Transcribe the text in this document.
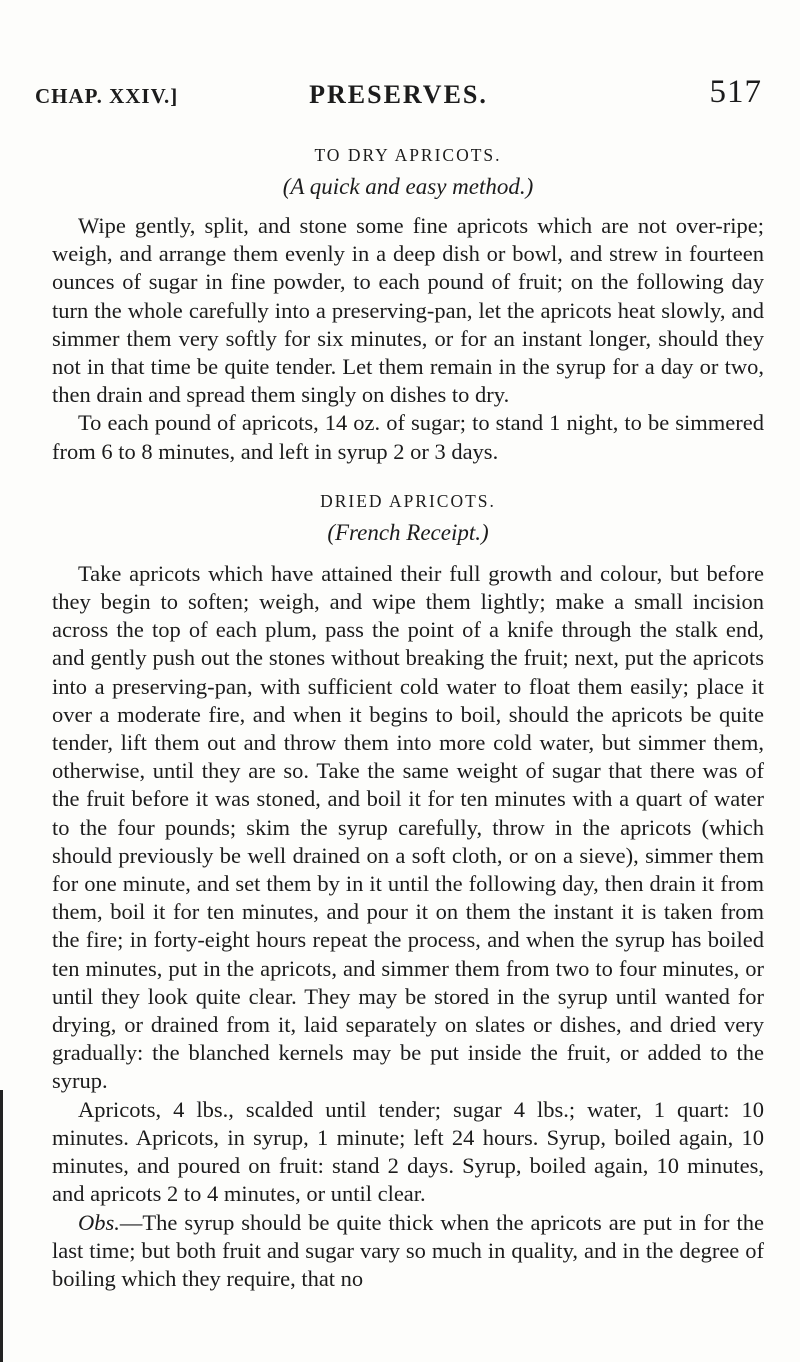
CHAP. XXIV.]	PRESERVES.	517

TO DRY APRICOTS.

(A quick and easy method.)

Wipe gently, split, and stone some fine apricots which are not over-ripe; weigh, and arrange them evenly in a deep dish or bowl, and strew in fourteen ounces of sugar in fine powder, to each pound of fruit; on the following day turn the whole carefully into a preserving-pan, let the apricots heat slowly, and simmer them very softly for six minutes, or for an instant longer, should they not in that time be quite tender. Let them remain in the syrup for a day or two, then drain and spread them singly on dishes to dry.

To each pound of apricots, 14 oz. of sugar; to stand 1 night, to be simmered from 6 to 8 minutes, and left in syrup 2 or 3 days.

DRIED APRICOTS.

(French Receipt.)

Take apricots which have attained their full growth and colour, but before they begin to soften; weigh, and wipe them lightly; make a small incision across the top of each plum, pass the point of a knife through the stalk end, and gently push out the stones without breaking the fruit; next, put the apricots into a preserving-pan, with sufficient cold water to float them easily; place it over a moderate fire, and when it begins to boil, should the apricots be quite tender, lift them out and throw them into more cold water, but simmer them, otherwise, until they are so. Take the same weight of sugar that there was of the fruit before it was stoned, and boil it for ten minutes with a quart of water to the four pounds; skim the syrup carefully, throw in the apricots (which should previously be well drained on a soft cloth, or on a sieve), simmer them for one minute, and set them by in it until the following day, then drain it from them, boil it for ten minutes, and pour it on them the instant it is taken from the fire; in forty-eight hours repeat the process, and when the syrup has boiled ten minutes, put in the apricots, and simmer them from two to four minutes, or until they look quite clear. They may be stored in the syrup until wanted for drying, or drained from it, laid separately on slates or dishes, and dried very gradually: the blanched kernels may be put inside the fruit, or added to the syrup.

Apricots, 4 lbs., scalded until tender; sugar 4 lbs.; water, 1 quart: 10 minutes. Apricots, in syrup, 1 minute; left 24 hours. Syrup, boiled again, 10 minutes, and poured on fruit: stand 2 days. Syrup, boiled again, 10 minutes, and apricots 2 to 4 minutes, or until clear.

Obs.—The syrup should be quite thick when the apricots are put in for the last time; but both fruit and sugar vary so much in quality, and in the degree of boiling which they require, that no
